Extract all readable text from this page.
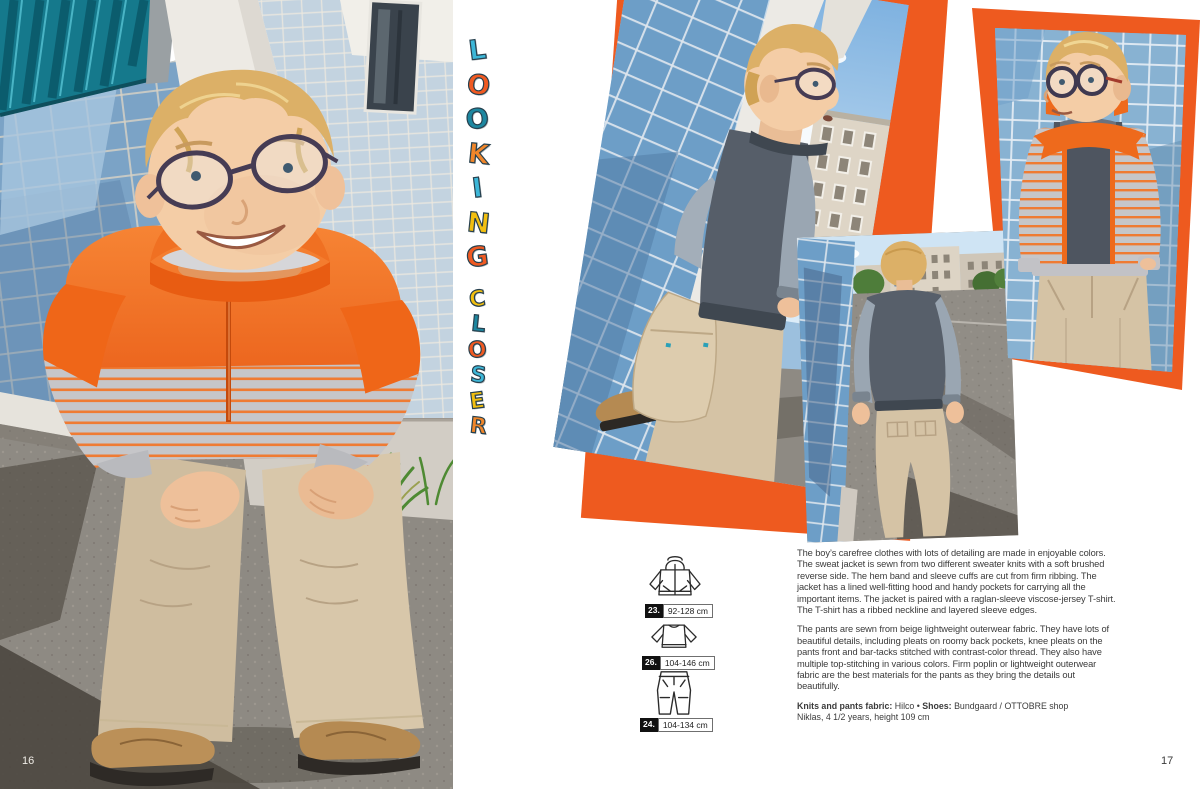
16	17
L
O
O
K
I
N
G
C
L
O
S
E
R
23. 92-128 cm
26. 104-146 cm
24. 104-134 cm

The boy’s carefree clothes with lots of detailing are made in enjoyable colors. The sweat jacket is sewn from two different sweater knits with a soft brushed reverse side. The hem band and sleeve cuffs are cut from firm ribbing. The jacket has a lined well-fitting hood and handy pockets for carrying all the important items. The jacket is paired with a raglan-sleeve viscose-jersey T-shirt. The T-shirt has a ribbed neckline and layered sleeve edges.

The pants are sewn from beige lightweight outerwear fabric. They have lots of beautiful details, including pleats on roomy back pockets, knee pleats on the pants front and bar-tacks stitched with contrast-color thread. They also have multiple top-stitching in various colors. Firm poplin or lightweight outerwear fabric are the best materials for the pants as they bring the details out beautifully.

Knits and pants fabric: Hilco • Shoes: Bundgaard / OTTOBRE shop
Niklas, 4 1/2 years, height 109 cm
